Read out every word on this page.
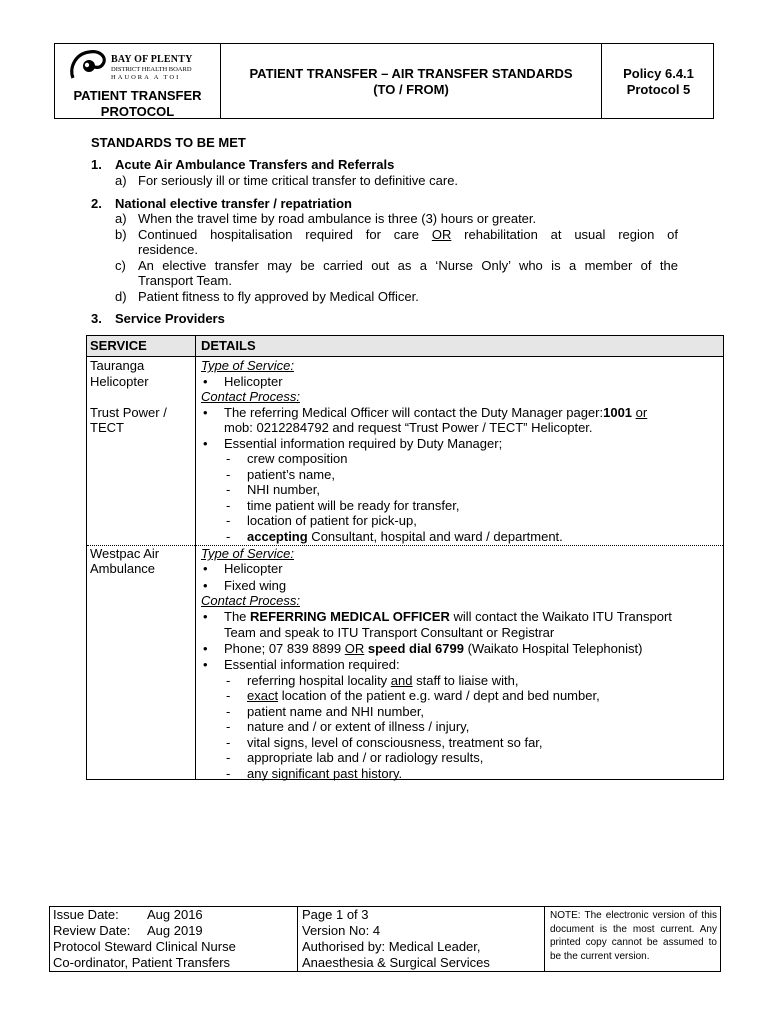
BAY OF PLENTY
DISTRICT HEALTH BOARD
HAUORA A TOI
PATIENT TRANSFER
PROTOCOL
PATIENT TRANSFER – AIR TRANSFER STANDARDS
(TO / FROM)
Policy 6.4.1
Protocol 5
STANDARDS TO BE MET
1. Acute Air Ambulance Transfers and Referrals
a) For seriously ill or time critical transfer to definitive care.
2. National elective transfer / repatriation
a) When the travel time by road ambulance is three (3) hours or greater.
b) Continued hospitalisation required for care OR rehabilitation at usual region of
residence.
c) An elective transfer may be carried out as a ‘Nurse Only’ who is a member of the
Transport Team.
d) Patient fitness to fly approved by Medical Officer.
3. Service Providers
SERVICE	DETAILS
Tauranga
Helicopter
Trust Power /
TECT
Type of Service:
• Helicopter
Contact Process:
• The referring Medical Officer will contact the Duty Manager pager:1001 or
mob: 0212284792 and request “Trust Power / TECT” Helicopter.
• Essential information required by Duty Manager;
- crew composition
- patient’s name,
- NHI number,
- time patient will be ready for transfer,
- location of patient for pick-up,
- accepting Consultant, hospital and ward / department.
Westpac Air
Ambulance
Type of Service:
• Helicopter
• Fixed wing
Contact Process:
• The REFERRING MEDICAL OFFICER will contact the Waikato ITU Transport
Team and speak to ITU Transport Consultant or Registrar
• Phone; 07 839 8899 OR speed dial 6799 (Waikato Hospital Telephonist)
• Essential information required:
- referring hospital locality and staff to liaise with,
- exact location of the patient e.g. ward / dept and bed number,
- patient name and NHI number,
- nature and / or extent of illness / injury,
- vital signs, level of consciousness, treatment so far,
- appropriate lab and / or radiology results,
- any significant past history.
NOTE: The electronic version of this document is the most current. Any printed copy cannot be assumed to be the current version.
Issue Date: Aug 2016
Review Date: Aug 2019
Protocol Steward Clinical Nurse
Co-ordinator, Patient Transfers
Page 1 of 3
Version No: 4
Authorised by: Medical Leader,
Anaesthesia & Surgical Services
